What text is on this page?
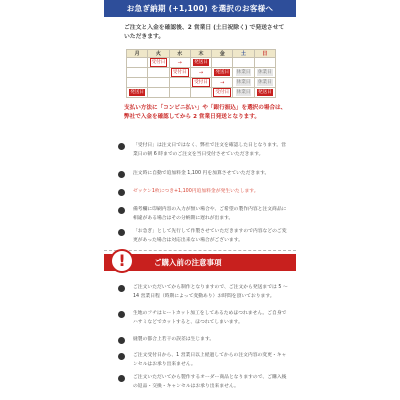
お急ぎ納期 (+1,100) を選択のお客様へ
ご注文と入金を確認後、2 営業日 (土日祝除く) で発送させていただきます。
月	火	水	木	金	土	日
	受付日	→	発送日			
		受付日	→	発送日	休業日	休業日
			受付日	→	休業日	休業日
発送日				受付日	休業日	発送日
支払い方法に「コンビニ払い」や「銀行振込」を選択の場合は、弊社で入金を確認してから 2 営業日発送となります。
「受付日」は注文日ではなく、弊社で注文を確認した日となります。営業日の朝 6 時までのご注文を当日受付させていただきます。
注文時に自動で追加料金 1,100 円を加算させていただきます。
ゼッケン1枚につき+1,100円追加料金が発生いたします。
備考欄に印刷内容の入力が無い場合や、ご希望の製作内容と注文商品に相違がある場合はその分納期に遅れが出ます。
「お急ぎ」として先行して作製させていただきますので内容などのご変更があった場合は対応出来ない場合がございます。
!	ご購入前の注意事項
ご注文いただいてから制作となりますので、ご注文から発送までは 5 ～ 14 営業日程（時期によって変動あり）お時間を頂いております。
生地のフチはヒートカット加工をしてあるためほつれません。ご自身でハサミなどでカットすると、ほつれてしまいます。
縫製の都合上若干の誤差は生じます。
ご注文受付日から、1 営業日以上経過してからの注文内容の変更・キャンセルはお承り出来ません。
ご注文いただいてから製作するオーダー商品となりますので、ご購入後の返品・交換・キャンセルはお承り出来ません。
